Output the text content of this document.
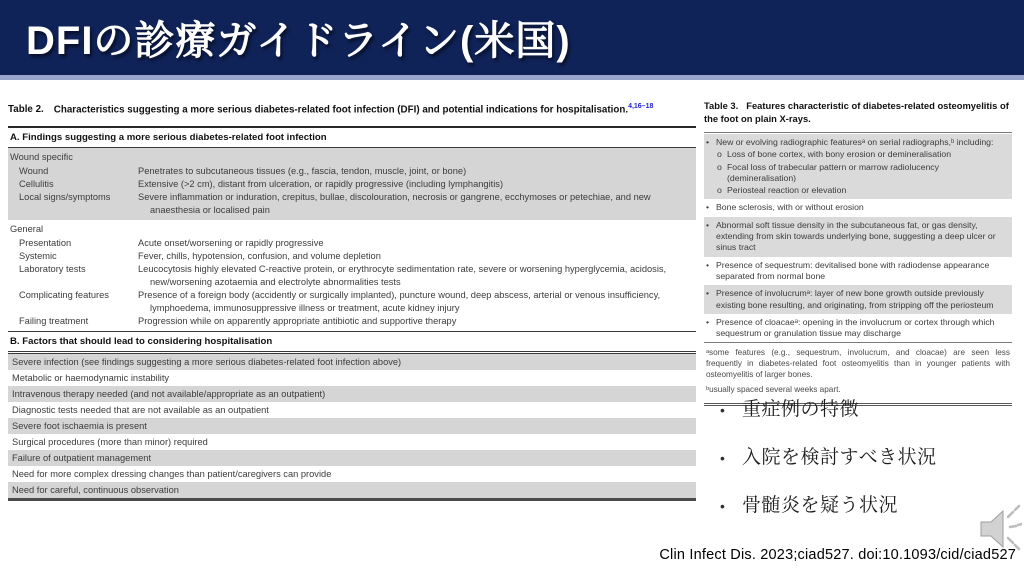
DFIの診療ガイドライン(米国)
Table 2. Characteristics suggesting a more serious diabetes-related foot infection (DFI) and potential indications for hospitalisation.$^{4,16-18}$
A. Findings suggesting a more serious diabetes-related foot infection
Wound specific
Wound	Penetrates to subcutaneous tissues (e.g., fascia, tendon, muscle, joint, or bone)
Cellulitis	Extensive (>2 cm), distant from ulceration, or rapidly progressive (including lymphangitis)
Local signs/symptoms	Severe inflammation or induration, crepitus, bullae, discolouration, necrosis or gangrene, ecchymoses or petechiae, and new anaesthesia or localised pain
General
Presentation	Acute onset/worsening or rapidly progressive
Systemic	Fever, chills, hypotension, confusion, and volume depletion
Laboratory tests	Leucocytosis highly elevated C-reactive protein, or erythrocyte sedimentation rate, severe or worsening hyperglycemia, acidosis, new/worsening azotaemia and electrolyte abnormalities tests
Complicating features	Presence of a foreign body (accidently or surgically implanted), puncture wound, deep abscess, arterial or venous insufficiency, lymphoedema, immunosuppressive illness or treatment, acute kidney injury
Failing treatment	Progression while on apparently appropriate antibiotic and supportive therapy
B. Factors that should lead to considering hospitalisation
Severe infection (see findings suggesting a more serious diabetes-related foot infection above)
Metabolic or haemodynamic instability
Intravenous therapy needed (and not available/appropriate as an outpatient)
Diagnostic tests needed that are not available as an outpatient
Severe foot ischaemia is present
Surgical procedures (more than minor) required
Failure of outpatient management
Need for more complex dressing changes than patient/caregivers can provide
Need for careful, continuous observation
Table 3. Features characteristic of diabetes-related osteomyelitis of the foot on plain X-rays.
• New or evolving radiographic featuresᵃ on serial radiographs,ᵇ including:
o Loss of bone cortex, with bony erosion or demineralisation
o Focal loss of trabecular pattern or marrow radiolucency (demineralisation)
o Periosteal reaction or elevation
• Bone sclerosis, with or without erosion
• Abnormal soft tissue density in the subcutaneous fat, or gas density, extending from skin towards underlying bone, suggesting a deep ulcer or sinus tract
• Presence of sequestrum: devitalised bone with radiodense appearance separated from normal bone
• Presence of involucrumᵃ: layer of new bone growth outside previously existing bone resulting, and originating, from stripping off the periosteum
• Presence of cloacaeᵃ: opening in the involucrum or cortex through which sequestrum or granulation tissue may discharge
ᵃsome features (e.g., sequestrum, involucrum, and cloacae) are seen less frequently in diabetes-related foot osteomyelitis than in younger patients with osteomyelitis of larger bones.
ᵇusually spaced several weeks apart.
• 重症例の特徴
• 入院を検討すべき状況
• 骨髄炎を疑う状況
Clin Infect Dis. 2023;ciad527. doi:10.1093/cid/ciad527
